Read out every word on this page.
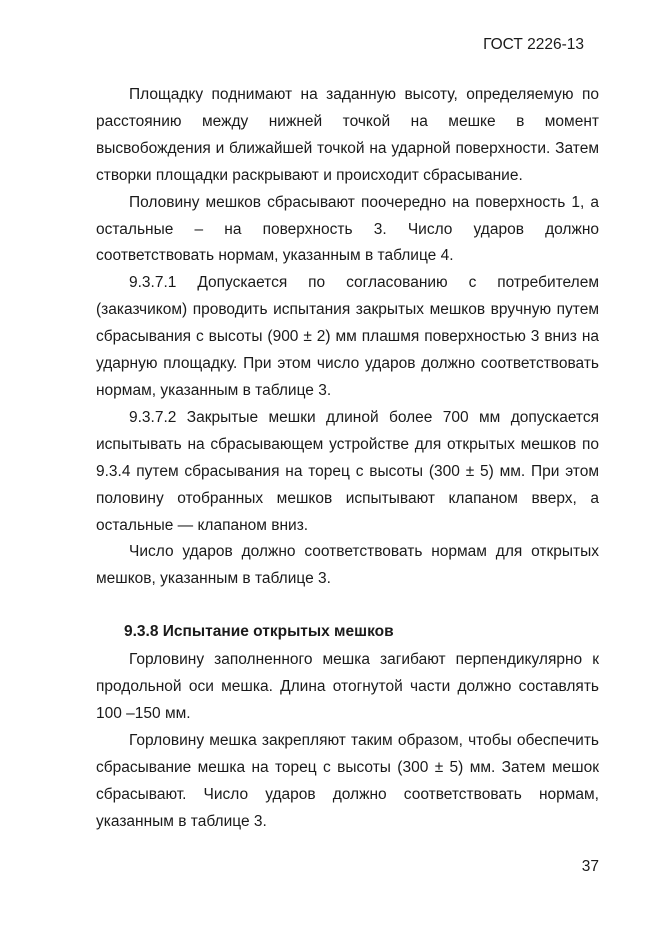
ГОСТ 2226-13

Площадку поднимают на заданную высоту, определяемую по расстоянию между нижней точкой на мешке в момент высвобождения и ближайшей точкой на ударной поверхности. Затем створки площадки раскрывают и происходит сбрасывание.

Половину мешков сбрасывают поочередно на поверхность 1, а остальные – на поверхность 3. Число ударов должно соответствовать нормам, указанным в таблице 4.

9.3.7.1 Допускается по согласованию с потребителем (заказчиком) проводить испытания закрытых мешков вручную путем сбрасывания с высоты (900 ± 2) мм плашмя поверхностью 3 вниз на ударную площадку. При этом число ударов должно соответствовать нормам, указанным в таблице 3.

9.3.7.2 Закрытые мешки длиной более 700 мм допускается испытывать на сбрасывающем устройстве для открытых мешков по 9.3.4 путем сбрасывания на торец с высоты (300 ± 5) мм. При этом половину отобранных мешков испытывают клапаном вверх, а остальные — клапаном вниз.

Число ударов должно соответствовать нормам для открытых мешков, указанным в таблице 3.

9.3.8 Испытание открытых мешков

Горловину заполненного мешка загибают перпендикулярно к продольной оси мешка. Длина отогнутой части должно составлять 100 –150 мм.

Горловину мешка закрепляют таким образом, чтобы обеспечить сбрасывание мешка на торец с высоты (300 ± 5) мм. Затем мешок сбрасывают. Число ударов должно соответствовать нормам, указанным в таблице 3.

37
